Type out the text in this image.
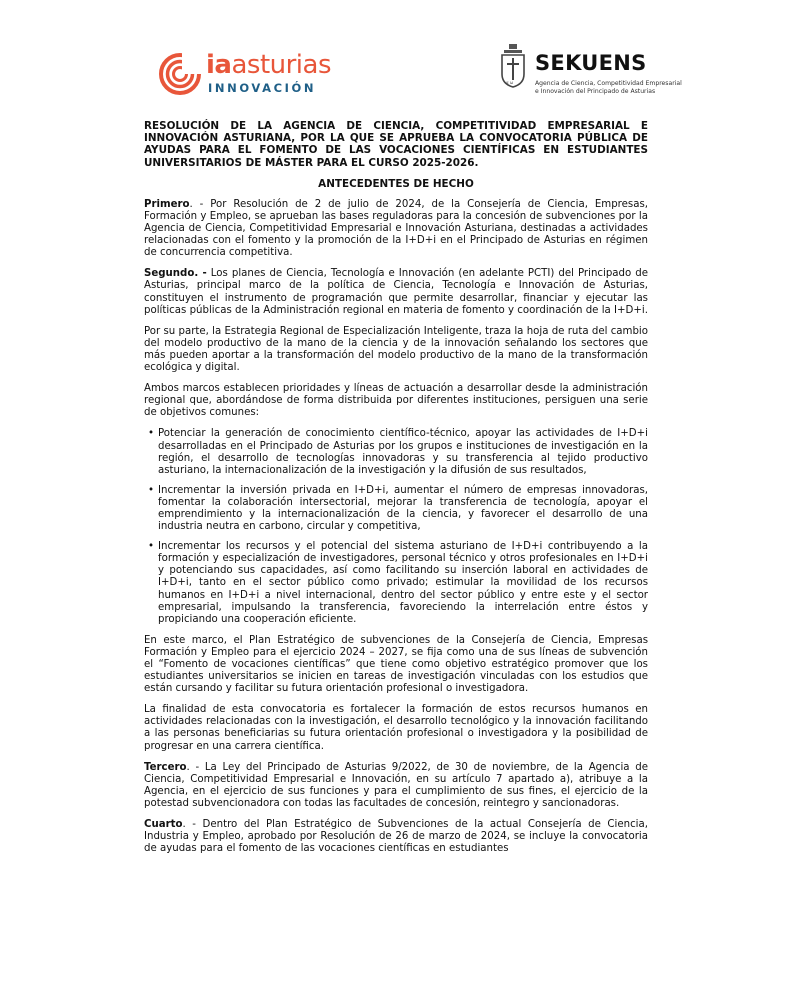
iaasturias
INNOVACIÓN	α ω
SEKUENS
Agencia de Ciencia, Competitividad Empresarial
e Innovación del Principado de Asturias

RESOLUCIÓN DE LA AGENCIA DE CIENCIA, COMPETITIVIDAD EMPRESARIAL E INNOVACIÓN ASTURIANA, POR LA QUE SE APRUEBA LA CONVOCATORIA PÚBLICA DE AYUDAS PARA EL FOMENTO DE LAS VOCACIONES CIENTÍFICAS EN ESTUDIANTES UNIVERSITARIOS DE MÁSTER PARA EL CURSO 2025-2026.

ANTECEDENTES DE HECHO

Primero. - Por Resolución de 2 de julio de 2024, de la Consejería de Ciencia, Empresas, Formación y Empleo, se aprueban las bases reguladoras para la concesión de subvenciones por la Agencia de Ciencia, Competitividad Empresarial e Innovación Asturiana, destinadas a actividades relacionadas con el fomento y la promoción de la I+D+i en el Principado de Asturias en régimen de concurrencia competitiva.

Segundo. - Los planes de Ciencia, Tecnología e Innovación (en adelante PCTI) del Principado de Asturias, principal marco de la política de Ciencia, Tecnología e Innovación de Asturias, constituyen el instrumento de programación que permite desarrollar, financiar y ejecutar las políticas públicas de la Administración regional en materia de fomento y coordinación de la I+D+i.

Por su parte, la Estrategia Regional de Especialización Inteligente, traza la hoja de ruta del cambio del modelo productivo de la mano de la ciencia y de la innovación señalando los sectores que más pueden aportar a la transformación del modelo productivo de la mano de la transformación ecológica y digital.

Ambos marcos establecen prioridades y líneas de actuación a desarrollar desde la administración regional que, abordándose de forma distribuida por diferentes instituciones, persiguen una serie de objetivos comunes:

• Potenciar la generación de conocimiento científico-técnico, apoyar las actividades de I+D+i desarrolladas en el Principado de Asturias por los grupos e instituciones de investigación en la región, el desarrollo de tecnologías innovadoras y su transferencia al tejido productivo asturiano, la internacionalización de la investigación y la difusión de sus resultados,
• Incrementar la inversión privada en I+D+i, aumentar el número de empresas innovadoras, fomentar la colaboración intersectorial, mejorar la transferencia de tecnología, apoyar el emprendimiento y la internacionalización de la ciencia, y favorecer el desarrollo de una industria neutra en carbono, circular y competitiva,
• Incrementar los recursos y el potencial del sistema asturiano de I+D+i contribuyendo a la formación y especialización de investigadores, personal técnico y otros profesionales en I+D+i y potenciando sus capacidades, así como facilitando su inserción laboral en actividades de I+D+i, tanto en el sector público como privado; estimular la movilidad de los recursos humanos en I+D+i a nivel internacional, dentro del sector público y entre este y el sector empresarial, impulsando la transferencia, favoreciendo la interrelación entre éstos y propiciando una cooperación eficiente.

En este marco, el Plan Estratégico de subvenciones de la Consejería de Ciencia, Empresas Formación y Empleo para el ejercicio 2024 – 2027, se fija como una de sus líneas de subvención el “Fomento de vocaciones científicas” que tiene como objetivo estratégico promover que los estudiantes universitarios se inicien en tareas de investigación vinculadas con los estudios que están cursando y facilitar su futura orientación profesional o investigadora.

La finalidad de esta convocatoria es fortalecer la formación de estos recursos humanos en actividades relacionadas con la investigación, el desarrollo tecnológico y la innovación facilitando a las personas beneficiarias su futura orientación profesional o investigadora y la posibilidad de progresar en una carrera científica.

Tercero. - La Ley del Principado de Asturias 9/2022, de 30 de noviembre, de la Agencia de Ciencia, Competitividad Empresarial e Innovación, en su artículo 7 apartado a), atribuye a la Agencia, en el ejercicio de sus funciones y para el cumplimiento de sus fines, el ejercicio de la potestad subvencionadora con todas las facultades de concesión, reintegro y sancionadoras.

Cuarto. - Dentro del Plan Estratégico de Subvenciones de la actual Consejería de Ciencia, Industria y Empleo, aprobado por Resolución de 26 de marzo de 2024, se incluye la convocatoria de ayudas para el fomento de las vocaciones científicas en estudiantes
